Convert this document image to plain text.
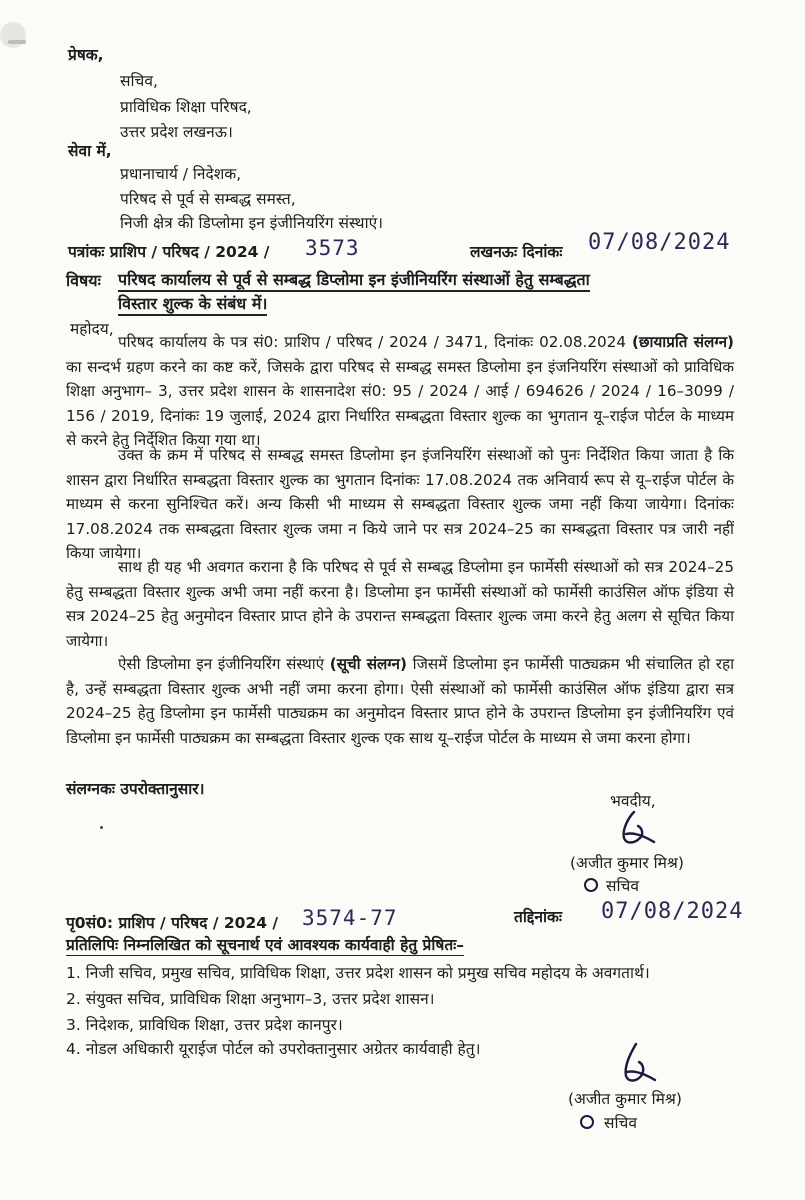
प्रेषक,
सचिव,
प्राविधिक शिक्षा परिषद,
उत्तर प्रदेश लखनऊ।
सेवा में,
प्रधानाचार्य / निदेशक,
परिषद से पूर्व से सम्बद्ध समस्त,
निजी क्षेत्र की डिप्लोमा इन इंजीनियरिंग संस्थाएं।
पत्रांकः प्राशिप / परिषद / 2024 / 3573	लखनऊः दिनांकः 07/08/2024
विषयः परिषद कार्यालय से पूर्व से सम्बद्ध डिप्लोमा इन इंजीनियरिंग संस्थाओं हेतु सम्बद्धता
विस्तार शुल्क के संबंध में।
महोदय,

परिषद कार्यालय के पत्र सं0: प्राशिप / परिषद / 2024 / 3471, दिनांकः 02.08.2024 (छायाप्रति संलग्न) का सन्दर्भ ग्रहण करने का कष्ट करें, जिसके द्वारा परिषद से सम्बद्ध समस्त डिप्लोमा इन इंजनियरिंग संस्थाओं को प्राविधिक शिक्षा अनुभाग– 3, उत्तर प्रदेश शासन के शासनादेश सं0: 95 / 2024 / आई / 694626 / 2024 / 16–3099 / 156 / 2019, दिनांकः 19 जुलाई, 2024 द्वारा निर्धारित सम्बद्धता विस्तार शुल्क का भुगतान यू–राईज पोर्टल के माध्यम से करने हेतु निर्देशित किया गया था।

उक्त के क्रम में परिषद से सम्बद्ध समस्त डिप्लोमा इन इंजनियरिंग संस्थाओं को पुनः निर्देशित किया जाता है कि शासन द्वारा निर्धारित सम्बद्धता विस्तार शुल्क का भुगतान दिनांकः 17.08.2024 तक अनिवार्य रूप से यू–राईज पोर्टल के माध्यम से करना सुनिश्चित करें। अन्य किसी भी माध्यम से सम्बद्धता विस्तार शुल्क जमा नहीं किया जायेगा। दिनांकः 17.08.2024 तक सम्बद्धता विस्तार शुल्क जमा न किये जाने पर सत्र 2024–25 का सम्बद्धता विस्तार पत्र जारी नहीं किया जायेगा।

साथ ही यह भी अवगत कराना है कि परिषद से पूर्व से सम्बद्ध डिप्लोमा इन फार्मेसी संस्थाओं को सत्र 2024–25 हेतु सम्बद्धता विस्तार शुल्क अभी जमा नहीं करना है। डिप्लोमा इन फार्मेसी संस्थाओं को फार्मेसी काउंसिल ऑफ इंडिया से सत्र 2024–25 हेतु अनुमोदन विस्तार प्राप्त होने के उपरान्त सम्बद्धता विस्तार शुल्क जमा करने हेतु अलग से सूचित किया जायेगा।

ऐसी डिप्लोमा इन इंजीनियरिंग संस्थाएं (सूची संलग्न) जिसमें डिप्लोमा इन फार्मेसी पाठ्यक्रम भी संचालित हो रहा है, उन्हें सम्बद्धता विस्तार शुल्क अभी नहीं जमा करना होगा। ऐसी संस्थाओं को फार्मेसी काउंसिल ऑफ इंडिया द्वारा सत्र 2024–25 हेतु डिप्लोमा इन फार्मेसी पाठ्यक्रम का अनुमोदन विस्तार प्राप्त होने के उपरान्त डिप्लोमा इन इंजीनियरिंग एवं डिप्लोमा इन फार्मेसी पाठ्यक्रम का सम्बद्धता विस्तार शुल्क एक साथ यू–राईज पोर्टल के माध्यम से जमा करना होगा।

संलग्नकः उपरोक्तानुसार।
भवदीय,
(अजीत कुमार मिश्र)
सचिव
पृ0सं0: प्राशिप / परिषद / 2024 / 3574-77	तद्दिनांकः 07/08/2024
प्रतिलिपिः निम्नलिखित को सूचनार्थ एवं आवश्यक कार्यवाही हेतु प्रेषितः–
1. निजी सचिव, प्रमुख सचिव, प्राविधिक शिक्षा, उत्तर प्रदेश शासन को प्रमुख सचिव महोदय के अवगतार्थ।
2. संयुक्त सचिव, प्राविधिक शिक्षा अनुभाग–3, उत्तर प्रदेश शासन।
3. निदेशक, प्राविधिक शिक्षा, उत्तर प्रदेश कानपुर।
4. नोडल अधिकारी यूराईज पोर्टल को उपरोक्तानुसार अग्रेतर कार्यवाही हेतु।
(अजीत कुमार मिश्र)
सचिव
